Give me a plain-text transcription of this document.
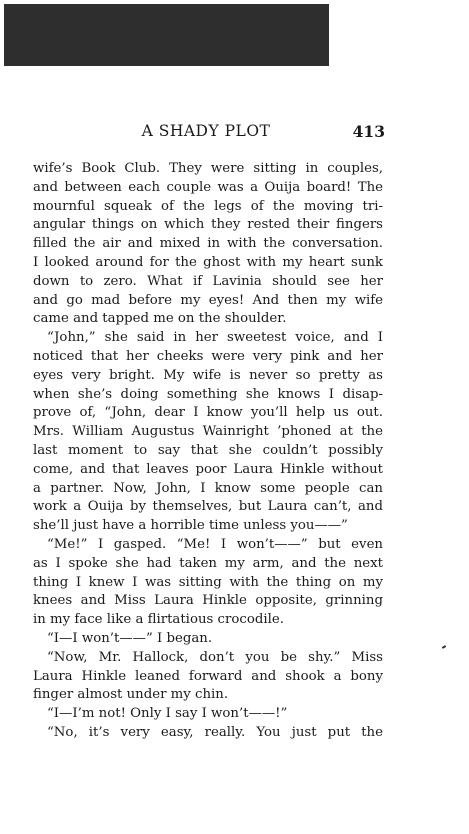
A SHADY PLOT	413
wife’s Book Club. They were sitting in couples,
and between each couple was a Ouija board! The
mournful squeak of the legs of the moving tri-
angular things on which they rested their fingers
filled the air and mixed in with the conversation.
I looked around for the ghost with my heart sunk
down to zero. What if Lavinia should see her
and go mad before my eyes! And then my wife
came and tapped me on the shoulder.
“John,” she said in her sweetest voice, and I
noticed that her cheeks were very pink and her
eyes very bright. My wife is never so pretty as
when she’s doing something she knows I disap-
prove of, “John, dear I know you’ll help us out.
Mrs. William Augustus Wainright ’phoned at the
last moment to say that she couldn’t possibly
come, and that leaves poor Laura Hinkle without
a partner. Now, John, I know some people can
work a Ouija by themselves, but Laura can’t, and
she’ll just have a horrible time unless you——”
“Me!” I gasped. “Me! I won’t——” but even
as I spoke she had taken my arm, and the next
thing I knew I was sitting with the thing on my
knees and Miss Laura Hinkle opposite, grinning
in my face like a flirtatious crocodile.
“I—I won’t——” I began.
“Now, Mr. Hallock, don’t you be shy.” Miss
Laura Hinkle leaned forward and shook a bony
finger almost under my chin.
“I—I’m not! Only I say I won’t——!”
“No, it’s very easy, really. You just put the
